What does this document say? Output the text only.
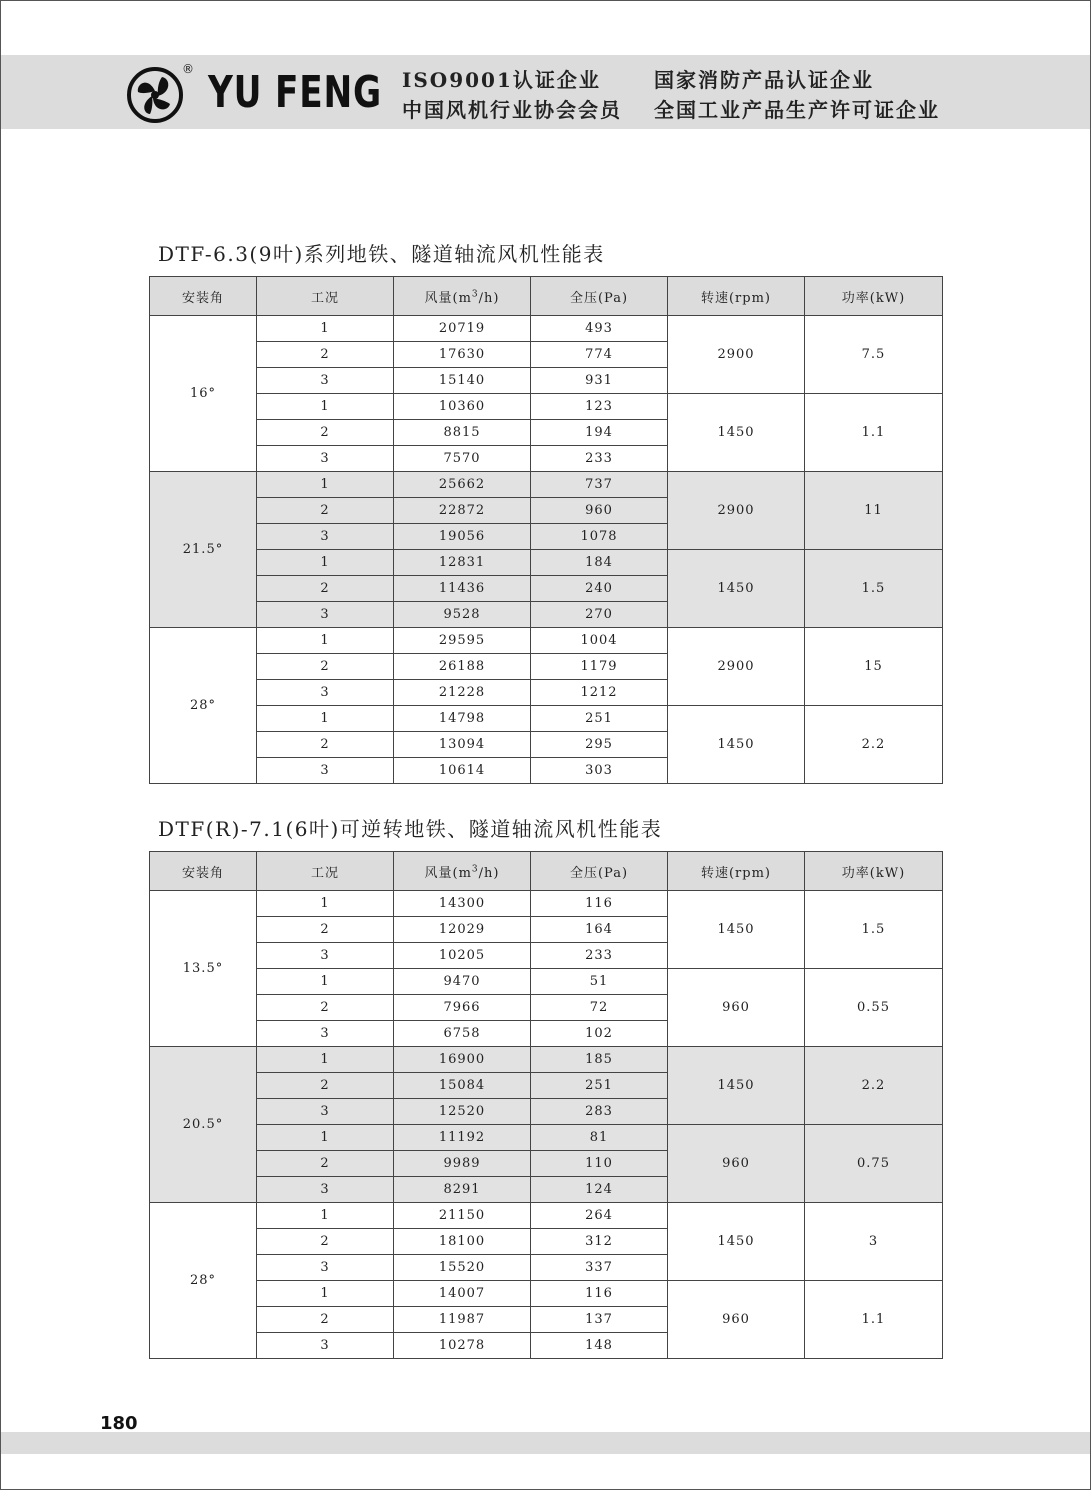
® YU FENG ISO9001认证企业	国家消防产品认证企业
中国风机行业协会会员 全国工业产品生产许可证企业
DTF-6.3(9叶)系列地铁、隧道轴流风机性能表
安装角	工况	风量$(m^3/h)$	全压(Pa)	转速(rpm)	功率(kW)
16°	1	20719	493	2900	7.5
	2	17630	774		
	3	15140	931		
	1	10360	123	1450	1.1
	2	8815	194		
	3	7570	233		
21.5°	1	25662	737	2900	11
	2	22872	960		
	3	19056	1078		
	1	12831	184	1450	1.5
	2	11436	240		
	3	9528	270		
28°	1	29595	1004	2900	15
	2	26188	1179		
	3	21228	1212		
	1	14798	251	1450	2.2
	2	13094	295		
	3	10614	303		
DTF(R)-7.1(6叶)可逆转地铁、隧道轴流风机性能表
安装角	工况	风量$(m^3/h)$	全压(Pa)	转速(rpm)	功率(kW)
13.5°	1	14300	116	1450	1.5
	2	12029	164		
	3	10205	233		
	1	9470	51	960	0.55
	2	7966	72		
	3	6758	102		
20.5°	1	16900	185	1450	2.2
	2	15084	251		
	3	12520	283		
	1	11192	81	960	0.75
	2	9989	110		
	3	8291	124		
28°	1	21150	264	1450	3
	2	18100	312		
	3	15520	337		
	1	14007	116	960	1.1
	2	11987	137		
	3	10278	148		
180
